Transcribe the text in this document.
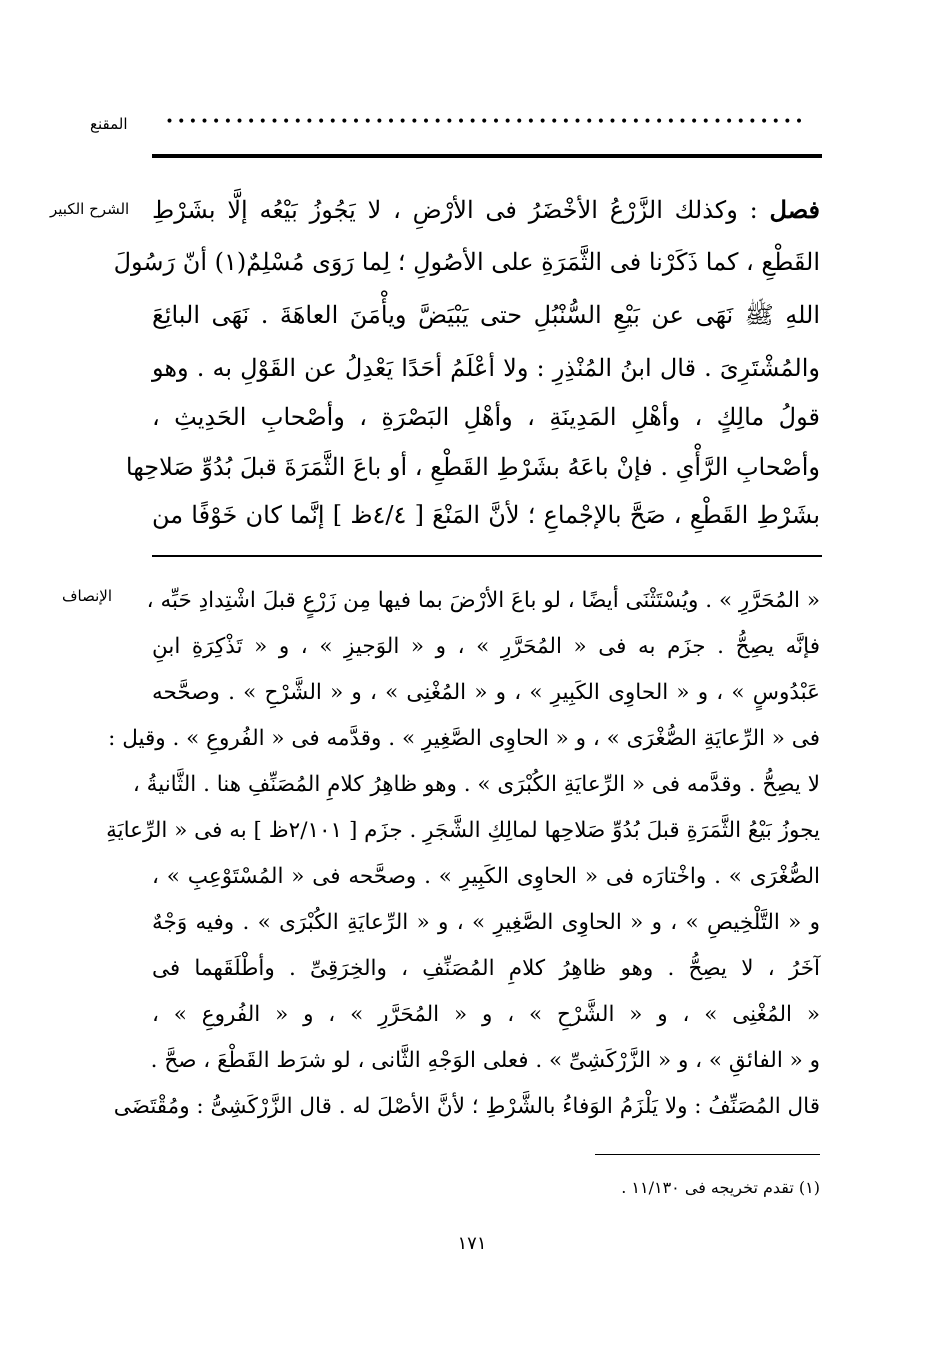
المقنع	•••••••••••••••••••••••••••••••••••••••••••••••••••••••
الشرح الكبير	فصل : وكذلك الزَّرْعُ الأخْضَرُ فى الأرْضِ ، لا يَجُوزُ بَيْعُه إلَّا بشَرْطِ
القَطْعِ ، كما ذَكَرْنا فى الثَّمَرَةِ على الأصُولِ ؛ لِما رَوَى مُسْلِمٌ(١) أنّ رَسُولَ
اللهِ ﷺ نَهَى عن بَيْعِ السُّنْبُلِ حتى يَبْيَضَّ ويأْمَنَ العاهَةَ . نَهَى البائِعَ
والمُشْتَرِىَ . قال ابنُ المُنْذِرِ : ولا أعْلَمُ أحَدًا يَعْدِلُ عن القَوْلِ به . وهو
قولُ مالِكٍ ، وأهْلِ المَدِينَةِ ، وأهْلِ البَصْرَةِ ، وأصْحابِ الحَدِيثِ ،
وأصْحابِ الرَّأْىِ . فإنْ باعَهُ بشَرْطِ القَطْعِ ، أو باعَ الثَّمَرَةَ قبلَ بُدُوِّ صَلاحِها
بشَرْطِ القَطْعِ ، صَحَّ بالإجْماعِ ؛ لأنَّ المَنْعَ [ ٤/٤ظ ] إنَّما كان خَوْفًا من
الإنصاف « المُحَرَّرِ » . ويُسْتَثْنَى أيضًا ، لو باعَ الأرْضَ بما فيها مِن زَرْعٍ قبلَ اشْتِدادِ حَبِّه ،
فإنَّه يصِحُّ . جزَم به فى « المُحَرَّرِ » ، و « الوَجيزِ » ، و « تَذْكِرَةِ ابنِ
عَبْدُوسٍ » ، و « الحاوِى الكَبِيرِ » ، و « المُغْنِى » ، و « الشَّرْحِ » . وصحَّحه
فى « الرِّعايَةِ الصُّغْرَى » ، و « الحاوِى الصَّغِيرِ » . وقدَّمه فى « الفُروعِ » . وقيل :
لا يصِحُّ . وقدَّمه فى « الرِّعايَةِ الكُبْرَى » . وهو ظاهِرُ كلامِ المُصَنِّفِ هنا . الثَّانيةُ ،
يجوزُ بَيْعُ الثَّمَرَةِ قبلَ بُدُوِّ صَلاحِها لمالِكِ الشَّجَرِ . جزَم [ ٢/١٠١ظ ] به فى « الرِّعايَةِ
الصُّغْرَى » . واخْتارَه فى « الحاوِى الكَبِيرِ » . وصحَّحه فى « المُسْتَوْعِبِ » ،
و « التَّلْخِيصِ » ، و « الحاوِى الصَّغِيرِ » ، و « الرِّعايَةِ الكُبْرَى » . وفيه وَجْهٌ
آخَرُ ، لا يصِحُّ . وهو ظاهِرُ كلامِ المُصَنِّفِ ، والخِرَقِىِّ . وأطْلَقَهما فى
« المُغْنِى » ، و « الشَّرْحِ » ، و « المُحَرَّرِ » ، و « الفُروعِ » ،
و « الفائقِ » ، و « الزَّرْكَشِىِّ » . فعلى الوَجْهِ الثَّانى ، لو شرَط القَطْعَ ، صحَّ .
قال المُصَنِّفُ : ولا يَلْزَمُ الوَفاءُ بالشَّرْطِ ؛ لأنَّ الأصْلَ له . قال الزَّرْكَشِىُّ : ومُقْتَضَى
(١) تقدم تخريجه فى ١١/١٣٠ .
١٧١
